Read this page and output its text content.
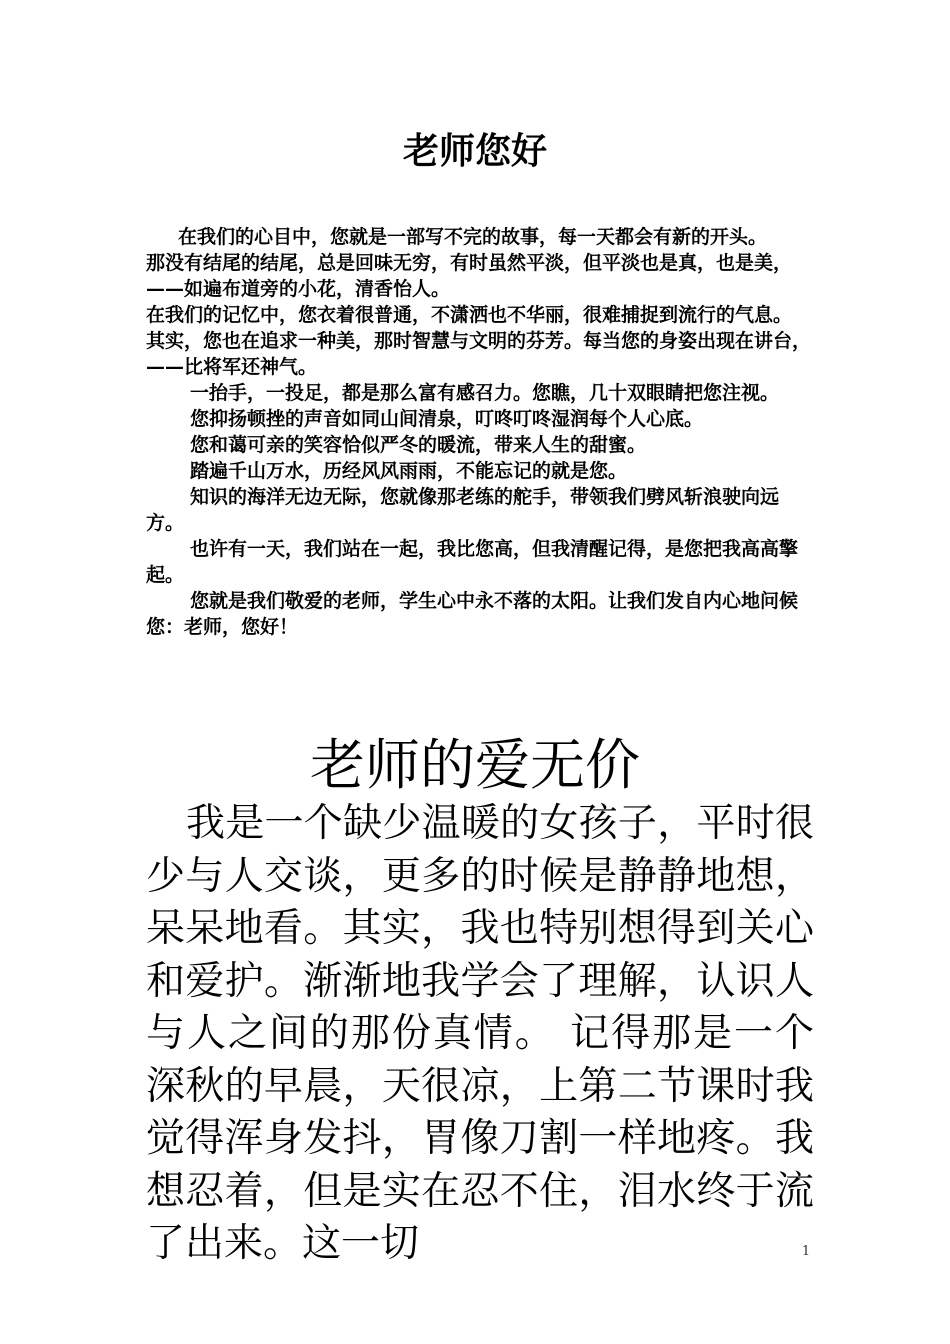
老师您好

在我们的心目中，您就是一部写不完的故事，每一天都会有新的开头。

那没有结尾的结尾，总是回味无穷，有时虽然平淡，但平淡也是真，也是美，——如遍布道旁的小花，清香怡人。

在我们的记忆中，您衣着很普通，不潇洒也不华丽，很难捕捉到流行的气息。

其实，您也在追求一种美，那时智慧与文明的芬芳。每当您的身姿出现在讲台，——比将军还神气。

一抬手，一投足，都是那么富有感召力。您瞧，几十双眼睛把您注视。

您抑扬顿挫的声音如同山间清泉，叮咚叮咚湿润每个人心底。

您和蔼可亲的笑容恰似严冬的暖流，带来人生的甜蜜。

踏遍千山万水，历经风风雨雨，不能忘记的就是您。

知识的海洋无边无际，您就像那老练的舵手，带领我们劈风斩浪驶向远方。

也许有一天，我们站在一起，我比您高，但我清醒记得，是您把我高高擎起。

您就是我们敬爱的老师，学生心中永不落的太阳。让我们发自内心地问候您：老师，您好！

老师的爱无价

我是一个缺少温暖的女孩子，平时很少与人交谈，更多的时候是静静地想，呆呆地看。其实，我也特别想得到关心和爱护。渐渐地我学会了理解，认识人与人之间的那份真情。 记得那是一个深秋的早晨，天很凉，上第二节课时我觉得浑身发抖，胃像刀割一样地疼。我想忍着，但是实在忍不住，泪水终于流了出来。这一切	1
